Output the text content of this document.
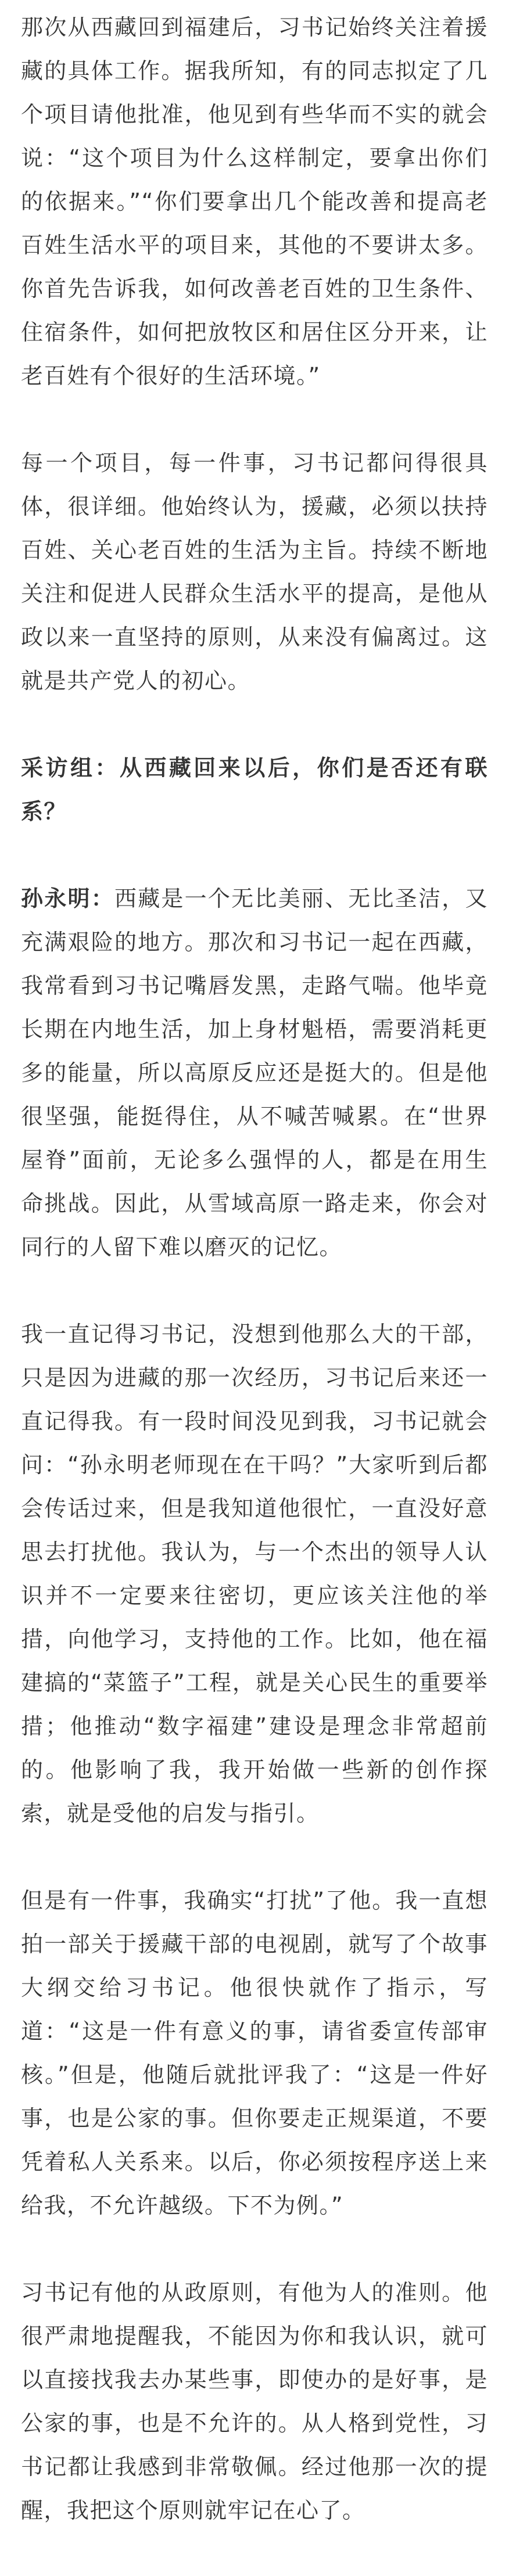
那次从西藏回到福建后，习书记始终关注着援藏的具体工作。据我所知，有的同志拟定了几个项目请他批准，他见到有些华而不实的就会说：“这个项目为什么这样制定，要拿出你们的依据来。”“你们要拿出几个能改善和提高老百姓生活水平的项目来，其他的不要讲太多。你首先告诉我，如何改善老百姓的卫生条件、住宿条件，如何把放牧区和居住区分开来，让老百姓有个很好的生活环境。”

每一个项目，每一件事，习书记都问得很具体，很详细。他始终认为，援藏，必须以扶持百姓、关心老百姓的生活为主旨。持续不断地关注和促进人民群众生活水平的提高，是他从政以来一直坚持的原则，从来没有偏离过。这就是共产党人的初心。

采访组：从西藏回来以后，你们是否还有联系？

孙永明：西藏是一个无比美丽、无比圣洁，又充满艰险的地方。那次和习书记一起在西藏，我常看到习书记嘴唇发黑，走路气喘。他毕竟长期在内地生活，加上身材魁梧，需要消耗更多的能量，所以高原反应还是挺大的。但是他很坚强，能挺得住，从不喊苦喊累。在“世界屋脊”面前，无论多么强悍的人，都是在用生命挑战。因此，从雪域高原一路走来，你会对同行的人留下难以磨灭的记忆。

我一直记得习书记，没想到他那么大的干部，只是因为进藏的那一次经历，习书记后来还一直记得我。有一段时间没见到我，习书记就会问：“孙永明老师现在在干吗？”大家听到后都会传话过来，但是我知道他很忙，一直没好意思去打扰他。我认为，与一个杰出的领导人认识并不一定要来往密切，更应该关注他的举措，向他学习，支持他的工作。比如，他在福建搞的“菜篮子”工程，就是关心民生的重要举措；他推动“数字福建”建设是理念非常超前的。他影响了我，我开始做一些新的创作探索，就是受他的启发与指引。

但是有一件事，我确实“打扰”了他。我一直想拍一部关于援藏干部的电视剧，就写了个故事大纲交给习书记。他很快就作了指示，写道：“这是一件有意义的事，请省委宣传部审核。”但是，他随后就批评我了：“这是一件好事，也是公家的事。但你要走正规渠道，不要凭着私人关系来。以后，你必须按程序送上来给我，不允许越级。下不为例。”

习书记有他的从政原则，有他为人的准则。他很严肃地提醒我，不能因为你和我认识，就可以直接找我去办某些事，即使办的是好事，是公家的事，也是不允许的。从人格到党性，习书记都让我感到非常敬佩。经过他那一次的提醒，我把这个原则就牢记在心了。
